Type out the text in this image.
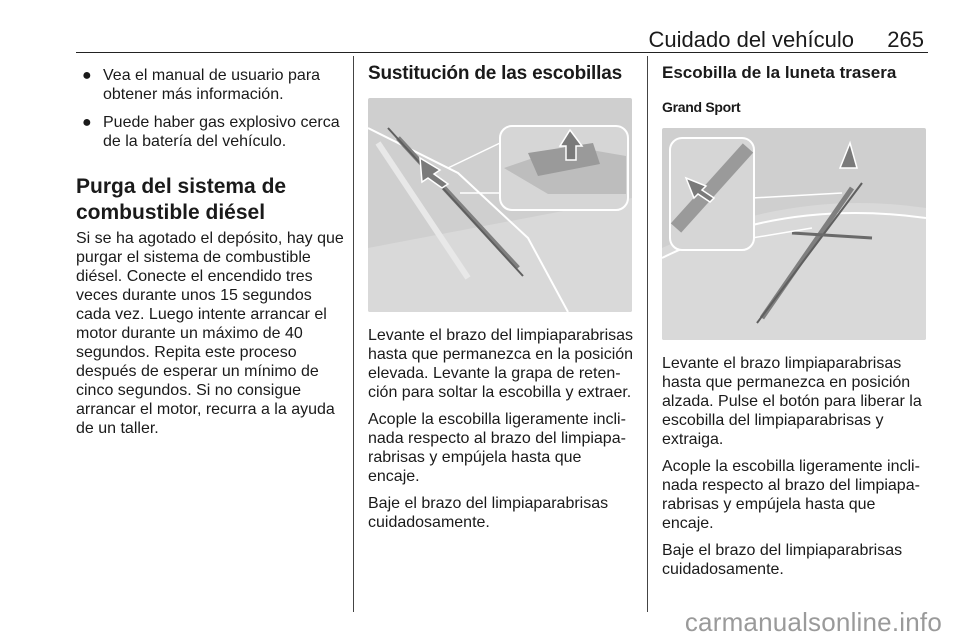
Cuidado del vehículo 265
● Vea el manual de usuario para obtener más información.
● Puede haber gas explosivo cerca de la batería del vehículo.
Purga del sistema de combustible diésel

Si se ha agotado el depósito, hay que purgar el sistema de combustible diésel. Conecte el encendido tres veces durante unos 15 segundos cada vez. Luego intente arrancar el motor durante un máximo de 40 segundos. Repita este proceso después de esperar un mínimo de cinco segundos. Si no consigue arrancar el motor, recurra a la ayuda de un taller.

Sustitución de las escobillas

Levante el brazo del limpiaparabrisas hasta que permanezca en la posición elevada. Levante la grapa de reten-ción para soltar la escobilla y extraer.

Acople la escobilla ligeramente incli-nada respecto al brazo del limpiapa-rabrisas y empújela hasta que encaje.

Baje el brazo del limpiaparabrisas cuidadosamente.

Escobilla de la luneta trasera
Grand Sport

Levante el brazo limpiaparabrisas hasta que permanezca en posición alzada. Pulse el botón para liberar la escobilla del limpiaparabrisas y extraiga.

Acople la escobilla ligeramente incli-nada respecto al brazo del limpiapa-rabrisas y empújela hasta que encaje.

Baje el brazo del limpiaparabrisas cuidadosamente.

carmanualsonline.info
